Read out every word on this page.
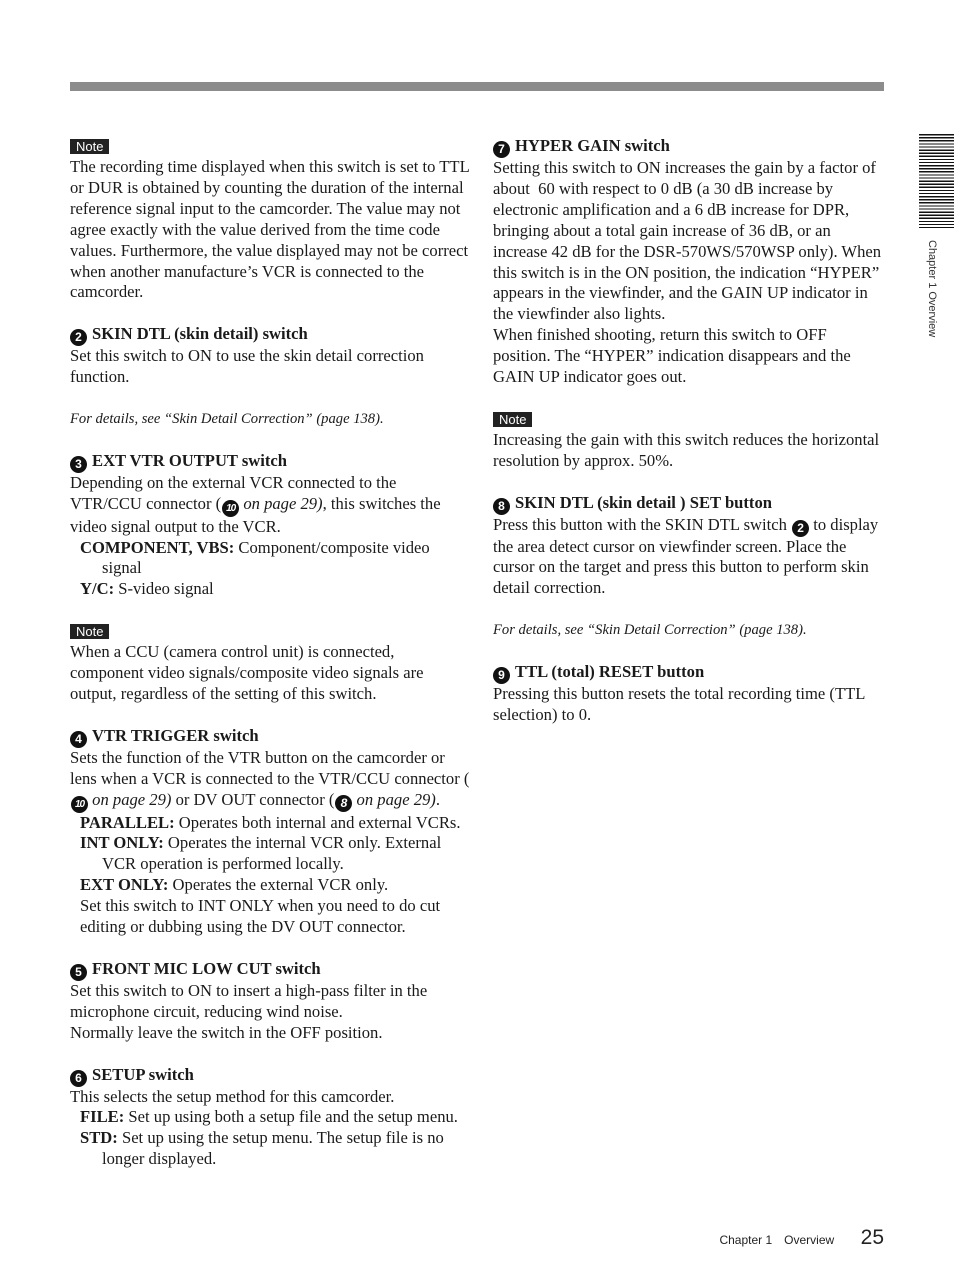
Chapter 1 Overview
Note

The recording time displayed when this switch is set to TTL or DUR is obtained by counting the duration of the internal reference signal input to the camcorder. The value may not agree exactly with the value derived from the time code values. Furthermore, the value displayed may not be correct when another manufacture’s VCR is connected to the camcorder.

2 SKIN DTL (skin detail) switch

Set this switch to ON to use the skin detail correction function.

For details, see “Skin Detail Correction” (page 138).

3 EXT VTR OUTPUT switch

Depending on the external VCR connected to the VTR/CCU connector ( 10 on page 29), this switches the video signal output to the VCR.

COMPONENT, VBS: Component/composite video signal

Y/C: S-video signal

Note

When a CCU (camera control unit) is connected, component video signals/composite video signals are output, regardless of the setting of this switch.

4 VTR TRIGGER switch

Sets the function of the VTR button on the camcorder or lens when a VCR is connected to the VTR/CCU connector (10 on page 29) or DV OUT connector ( 8 on page 29).

PARALLEL: Operates both internal and external VCRs.

INT ONLY: Operates the internal VCR only. External VCR operation is performed locally.

EXT ONLY: Operates the external VCR only.

Set this switch to INT ONLY when you need to do cut editing or dubbing using the DV OUT connector.

5 FRONT MIC LOW CUT switch

Set this switch to ON to insert a high-pass filter in the microphone circuit, reducing wind noise.

Normally leave the switch in the OFF position.

6 SETUP switch

This selects the setup method for this camcorder.

FILE: Set up using both a setup file and the setup menu.

STD: Set up using the setup menu. The setup file is no longer displayed.

7 HYPER GAIN switch

Setting this switch to ON increases the gain by a factor of about  60 with respect to 0 dB (a 30 dB increase by electronic amplification and a 6 dB increase for DPR, bringing about a total gain increase of 36 dB, or an increase 42 dB for the DSR-570WS/570WSP only). When this switch is in the ON position, the indication “HYPER” appears in the viewfinder, and the GAIN UP indicator in the viewfinder also lights.

When finished shooting, return this switch to OFF position. The “HYPER” indication disappears and the GAIN UP indicator goes out.

Note

Increasing the gain with this switch reduces the horizontal resolution by approx. 50%.

8 SKIN DTL (skin detail ) SET button

Press this button with the SKIN DTL switch 2 to display the area detect cursor on viewfinder screen. Place the cursor on the target and press this button to perform skin detail correction.

For details, see “Skin Detail Correction” (page 138).

9 TTL (total) RESET button

Pressing this button resets the total recording time (TTL selection) to 0.

Chapter 1 Overview 25
